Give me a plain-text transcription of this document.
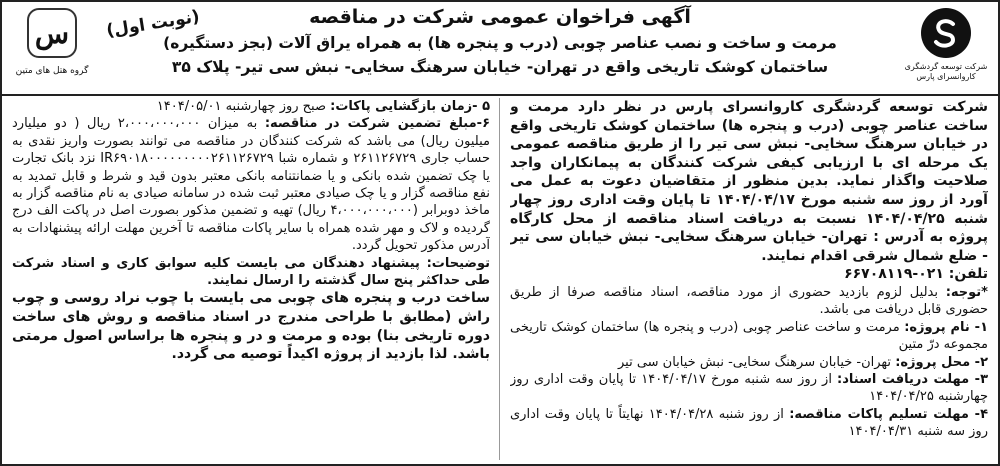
س
گروه هتل های متین
(نوبت اول)	آگهی فراخوان عمومی شرکت در مناقصه
مرمت و ساخت و نصب عناصر چوبی (درب و پنجره ها) به همراه یراق آلات (بجز دستگیره)
ساختمان کوشک تاریخی واقع در تهران- خیابان سرهنگ سخایی- نبش سی تیر- پلاک ۳۵	شرکت توسعه گردشگری
کاروانسرای پارس

شرکت توسعه گردشگری کاروانسرای پارس در نظر دارد مرمت و ساخت عناصر چوبی (درب و پنجره ها) ساختمان کوشک تاریخی واقع در خیابان سرهنگ سخایی- نبش سی تیر را از طریق مناقصه عمومی یک مرحله ای با ارزیابی کیفی شرکت کنندگان به پیمانکاران واجد صلاحیت واگذار نماید. بدین منظور از متقاضیان دعوت به عمل می آورد از روز سه شنبه مورخ ۱۴۰۴/۰۴/۱۷ تا پایان وقت اداری روز چهار شنبه ۱۴۰۴/۰۴/۲۵ نسبت به دریافت اسناد مناقصه از محل کارگاه پروژه به آدرس : تهران- خیابان سرهنگ سخایی- نبش خیابان سی تیر - ضلع شمال شرقی اقدام نمایند.

تلفن: ۰۲۱-۶۶۷۰۸۱۱۹

*توجه: بدلیل لزوم بازدید حضوری از مورد مناقصه، اسناد مناقصه صرفا از طریق حضوری قابل دریافت می باشد.

۱- نام پروژه: مرمت و ساخت عناصر چوبی (درب و پنجره ها) ساختمان کوشک تاریخی مجموعه درّ متین

۲- محل پروژه: تهران- خیابان سرهنگ سخایی- نبش خیابان سی تیر

۳- مهلت دریافت اسناد: از روز سه شنبه مورخ ۱۴۰۴/۰۴/۱۷ تا پایان وقت اداری روز چهارشنبه ۱۴۰۴/۰۴/۲۵

۴- مهلت تسلیم پاکات مناقصه: از روز شنبه ۱۴۰۴/۰۴/۲۸ نهایتاً تا پایان وقت اداری روز سه شنبه ۱۴۰۴/۰۴/۳۱

۵ -زمان بازگشایی پاکات: صبح روز چهارشنبه ۱۴۰۴/۰۵/۰۱

۶-مبلغ تضمین شرکت در مناقصه: به میزان ۲،۰۰۰،۰۰۰،۰۰۰ ریال ( دو میلیارد میلیون ریال) می باشد که شرکت کنندگان در مناقصه می توانند بصورت واریز نقدی به حساب جاری ۲۶۱۱۲۶۷۲۹ و شماره شبا IR۶۹۰۱۸۰۰۰۰۰۰۰۰۰۲۶۱۱۲۶۷۲۹ نزد بانک تجارت یا چک تضمین شده بانکی و یا ضمانتنامه بانکی معتبر بدون قید و شرط و قابل تمدید به نفع مناقصه گزار و یا چک صیادی معتبر ثبت شده در سامانه صیادی به نام مناقصه گزار به ماخذ دوبرابر (۴،۰۰۰،۰۰۰،۰۰۰ ریال) تهیه و تضمین مذکور بصورت اصل در پاکت الف درج گردیده و لاک و مهر شده همراه با سایر پاکات مناقصه تا آخرین مهلت ارائه پیشنهادات به آدرس مذکور تحویل گردد.

توضیحات: پیشنهاد دهندگان می بایست کلیه سوابق کاری و اسناد شرکت طی حداکثر پنج سال گذشته را ارسال نمایند.

ساخت درب و پنجره های چوبی می بایست با چوب نراد روسی و چوب راش (مطابق با طراحی مندرج در اسناد مناقصه و روش های ساخت دوره تاریخی بنا) بوده و مرمت و در و پنجره ها براساس اصول مرمتی باشد. لذا بازدید از پروژه اکیداً توصیه می گردد.
